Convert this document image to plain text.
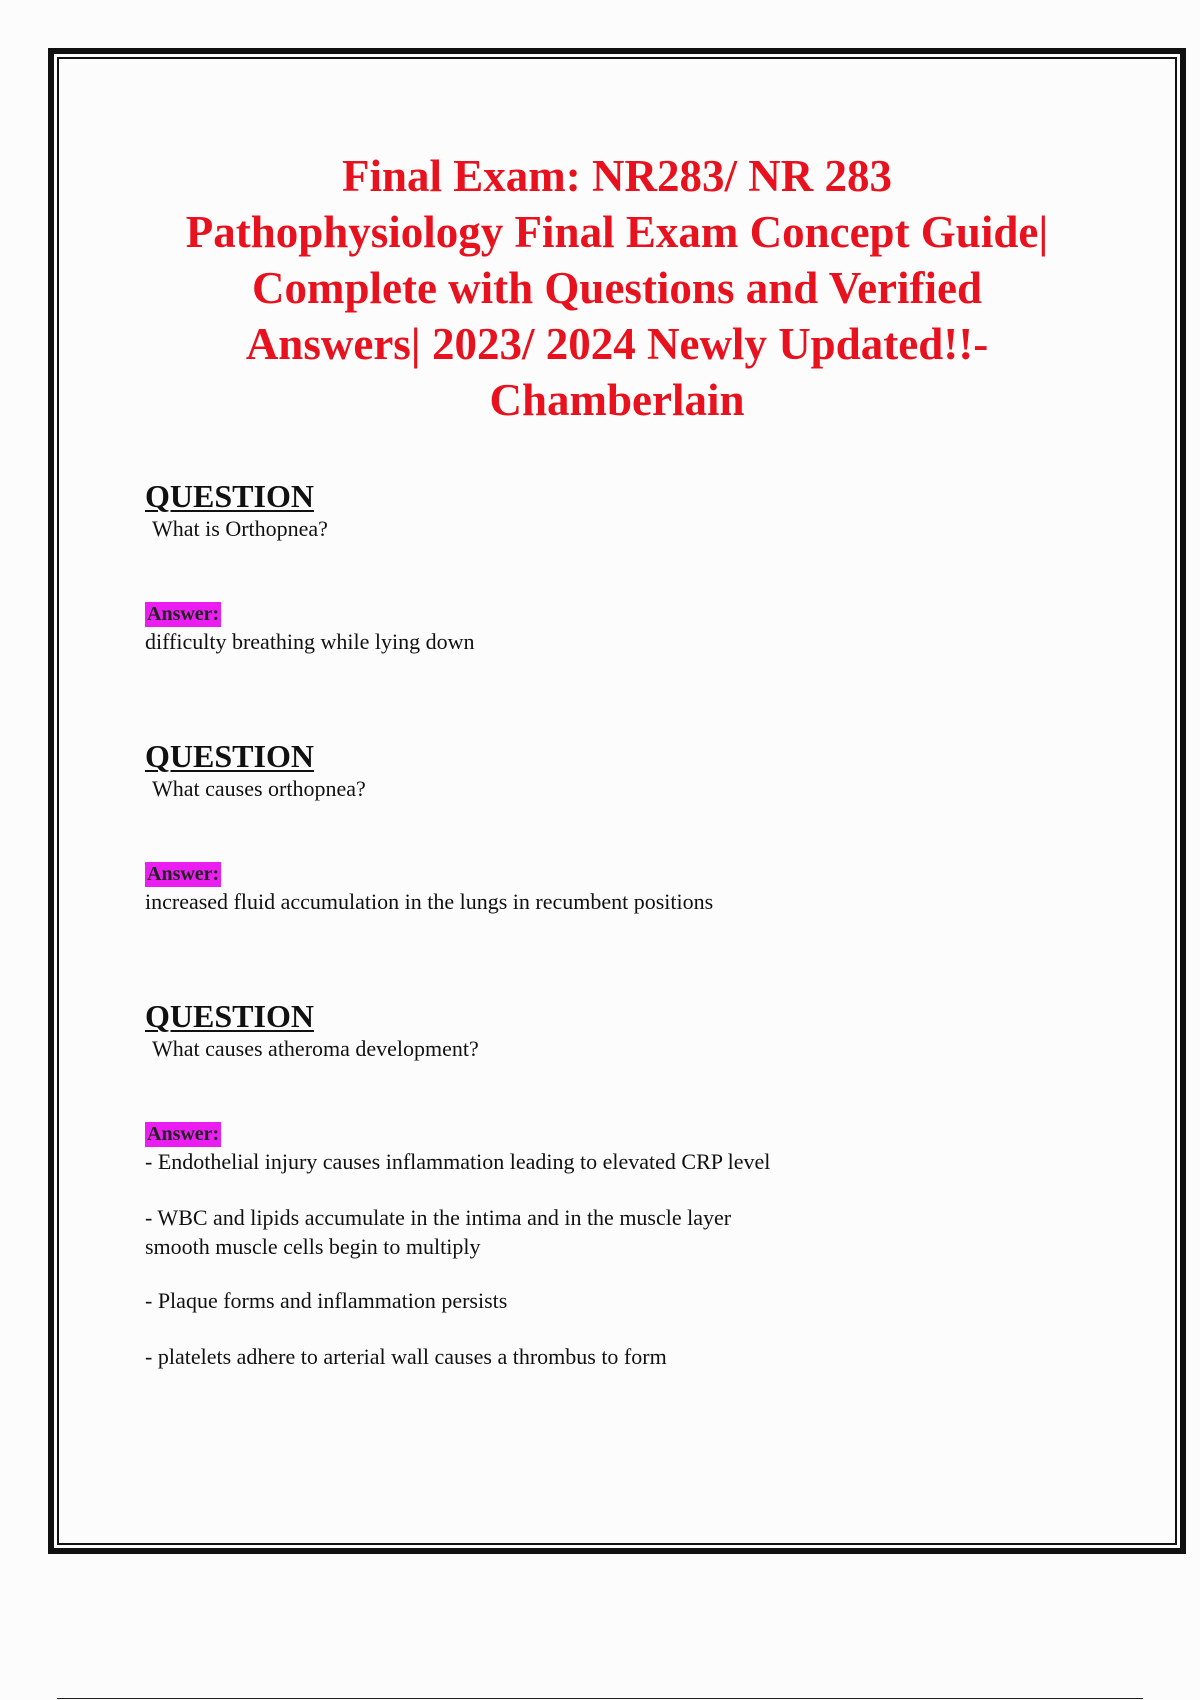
Final Exam: NR283/ NR 283
Pathophysiology Final Exam Concept Guide|
Complete with Questions and Verified
Answers| 2023/ 2024 Newly Updated!!-
Chamberlain

QUESTION

What is Orthopnea?

Answer:

difficulty breathing while lying down

QUESTION

What causes orthopnea?

Answer:

increased fluid accumulation in the lungs in recumbent positions

QUESTION

What causes atheroma development?

Answer:

- Endothelial injury causes inflammation leading to elevated CRP level

- WBC and lipids accumulate in the intima and in the muscle layer

smooth muscle cells begin to multiply

- Plaque forms and inflammation persists

- platelets adhere to arterial wall causes a thrombus to form
